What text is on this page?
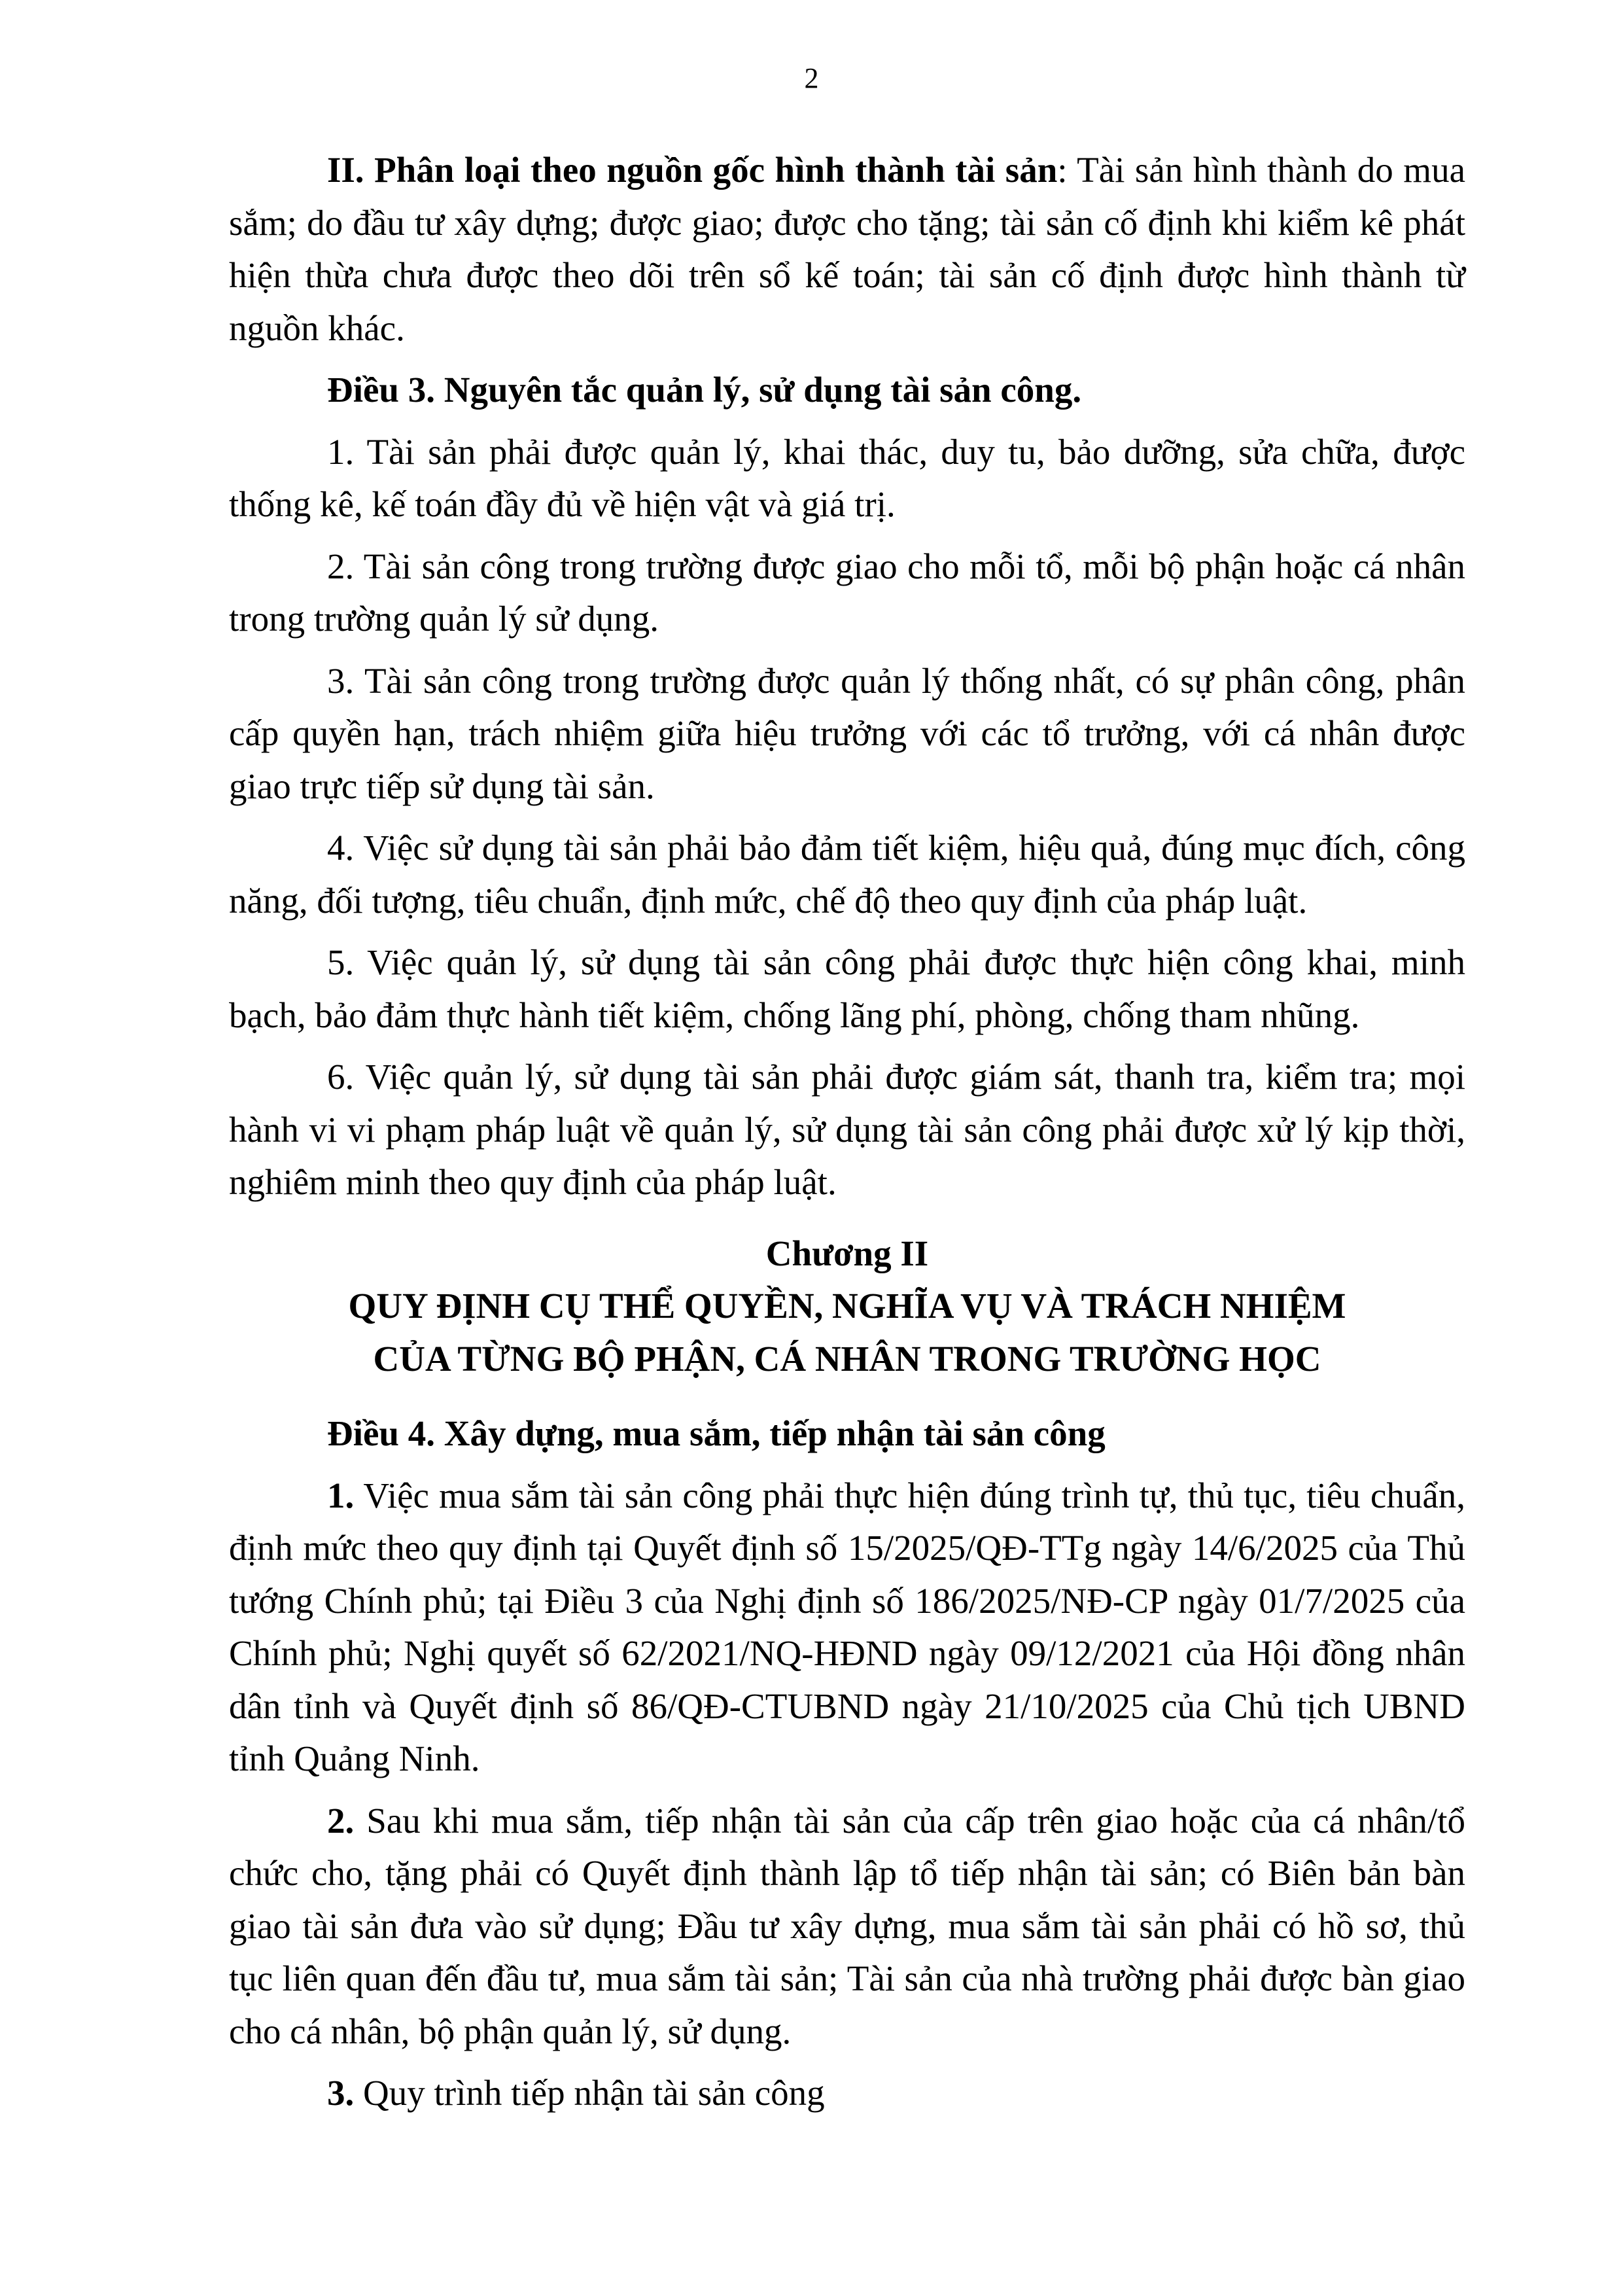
2

II. Phân loại theo nguồn gốc hình thành tài sản: Tài sản hình thành do mua sắm; do đầu tư xây dựng; được giao; được cho tặng; tài sản cố định khi kiểm kê phát hiện thừa chưa được theo dõi trên sổ kế toán; tài sản cố định được hình thành từ nguồn khác.

Điều 3. Nguyên tắc quản lý, sử dụng tài sản công.

1. Tài sản phải được quản lý, khai thác, duy tu, bảo dưỡng, sửa chữa, được thống kê, kế toán đầy đủ về hiện vật và giá trị.

2. Tài sản công trong trường được giao cho mỗi tổ, mỗi bộ phận hoặc cá nhân trong trường quản lý sử dụng.

3. Tài sản công trong trường được quản lý thống nhất, có sự phân công, phân cấp quyền hạn, trách nhiệm giữa hiệu trưởng với các tổ trưởng, với cá nhân được giao trực tiếp sử dụng tài sản.

4. Việc sử dụng tài sản phải bảo đảm tiết kiệm, hiệu quả, đúng mục đích, công năng, đối tượng, tiêu chuẩn, định mức, chế độ theo quy định của pháp luật.

5. Việc quản lý, sử dụng tài sản công phải được thực hiện công khai, minh bạch, bảo đảm thực hành tiết kiệm, chống lãng phí, phòng, chống tham nhũng.

6. Việc quản lý, sử dụng tài sản phải được giám sát, thanh tra, kiểm tra; mọi hành vi vi phạm pháp luật về quản lý, sử dụng tài sản công phải được xử lý kịp thời, nghiêm minh theo quy định của pháp luật.

Chương II
QUY ĐỊNH CỤ THỂ QUYỀN, NGHĨA VỤ VÀ TRÁCH NHIỆM
CỦA TỪNG BỘ PHẬN, CÁ NHÂN TRONG TRƯỜNG HỌC

Điều 4. Xây dựng, mua sắm, tiếp nhận tài sản công

1. Việc mua sắm tài sản công phải thực hiện đúng trình tự, thủ tục, tiêu chuẩn, định mức theo quy định tại Quyết định số 15/2025/QĐ-TTg ngày 14/6/2025 của Thủ tướng Chính phủ; tại Điều 3 của Nghị định số 186/2025/NĐ-CP ngày 01/7/2025 của Chính phủ; Nghị quyết số 62/2021/NQ-HĐND ngày 09/12/2021 của Hội đồng nhân dân tỉnh và Quyết định số 86/QĐ-CTUBND ngày 21/10/2025 của Chủ tịch UBND tỉnh Quảng Ninh.

2. Sau khi mua sắm, tiếp nhận tài sản của cấp trên giao hoặc của cá nhân/tổ chức cho, tặng phải có Quyết định thành lập tổ tiếp nhận tài sản; có Biên bản bàn giao tài sản đưa vào sử dụng; Đầu tư xây dựng, mua sắm tài sản phải có hồ sơ, thủ tục liên quan đến đầu tư, mua sắm tài sản; Tài sản của nhà trường phải được bàn giao cho cá nhân, bộ phận quản lý, sử dụng.

3. Quy trình tiếp nhận tài sản công
